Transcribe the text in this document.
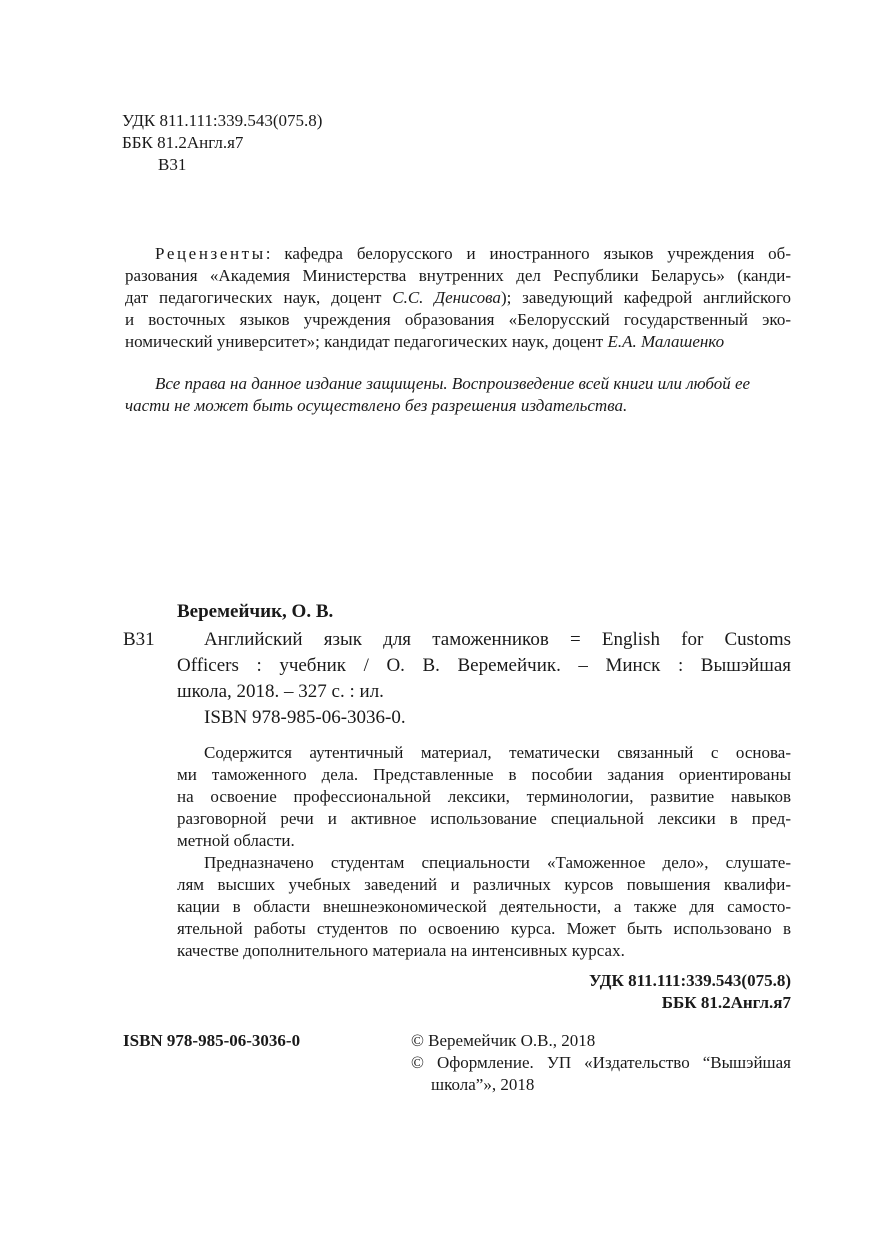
УДК 811.111:339.543(075.8)
ББК 81.2Англ.я7
В31
Рецензенты: кафедра белорусского и иностранного языков учреждения об-
разования «Академия Министерства внутренних дел Республики Беларусь» (канди-
дат педагогических наук, доцент С.С. Денисова); заведующий кафедрой английского
и восточных языков учреждения образования «Белорусский государственный эко-
номический университет»; кандидат педагогических наук, доцент Е.А. Малашенко
Все права на данное издание защищены. Воспроизведение всей книги или любой ее
части не может быть осуществлено без разрешения издательства.
Веремейчик, О. В.
В31	Английский язык для таможенников = English for Customs
Officers : учебник / О. В. Веремейчик. – Минск : Вышэйшая
школа, 2018. – 327 с. : ил.
ISBN 978-985-06-3036-0.
Содержится аутентичный материал, тематически связанный с основа-
ми таможенного дела. Представленные в пособии задания ориентированы
на освоение профессиональной лексики, терминологии, развитие навыков
разговорной речи и активное использование специальной лексики в пред-
метной области.
Предназначено студентам специальности «Таможенное дело», слушате-
лям высших учебных заведений и различных курсов повышения квалифи-
кации в области внешнеэкономической деятельности, а также для самосто-
ятельной работы студентов по освоению курса. Может быть использовано в
качестве дополнительного материала на интенсивных курсах.
УДК 811.111:339.543(075.8)
ББК 81.2Англ.я7
ISBN 978-985-06-3036-0	© Веремейчик О.В., 2018
© Оформление. УП «Издательство “Вышэйшая
школа”», 2018
